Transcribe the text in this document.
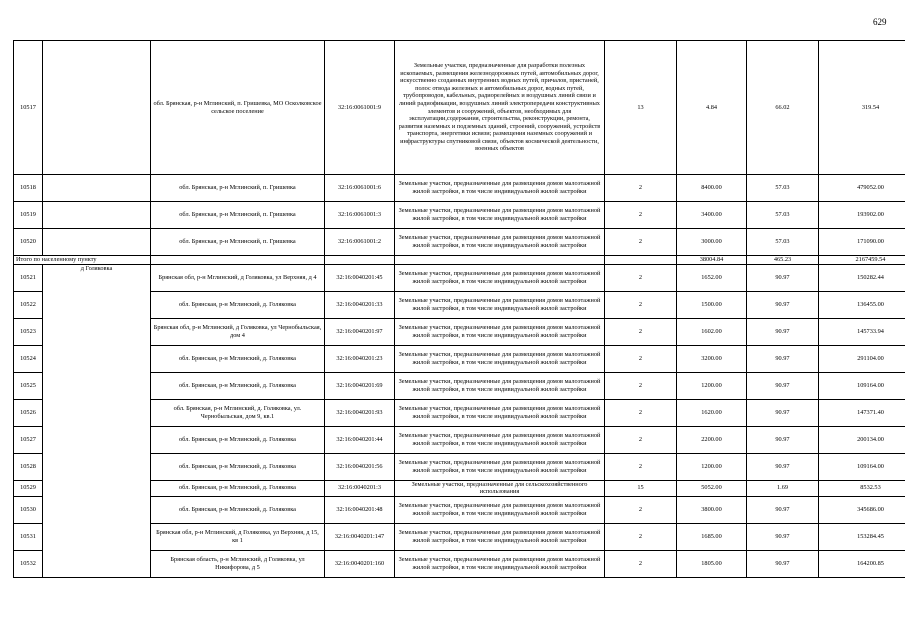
629
10517		обл. Брянская, р-н Мглинский, п. Гришевка, МО Осколковское сельское поселение	32:16:0061001:9	Земельные участки, предназначенные для разработки полезных ископаемых, размещения железнодорожных путей, автомобильных дорог, искусственно созданных внутренних водных путей, причалов, пристаней, полос отвода железных и автомобильных дорог, водных путей, трубопроводов, кабельных, радиорелейных и воздушных линий связи и линий радиофикации, воздушных линий электропередачи конструктивных элементов и сооружений, объектов, необходимых для эксплуатации,содержания, строительства, реконструкции, ремонта, развития наземных и подземных зданий, строений, сооружений, устройств транспорта, энергетики исвязи; размещения наземных сооружений и инфраструктуры спутниковой связи, объектов космической деятельности, военных объектов	13	4.84	66.02	319.54
10518		обл. Брянская, р-н Мглинский, п. Гришевка	32:16:0061001:6	Земельные участки, предназначенные для размещения домов малоэтажной жилой застройки, в том числе индивидуальной жилой застройки	2	8400.00	57.03	479052.00
10519		обл. Брянская, р-н Мглинский, п. Гришевка	32:16:0061001:3	Земельные участки, предназначенные для размещения домов малоэтажной жилой застройки, в том числе индивидуальной жилой застройки	2	3400.00	57.03	193902.00
10520		обл. Брянская, р-н Мглинский, п. Гришевка	32:16:0061001:2	Земельные участки, предназначенные для размещения домов малоэтажной жилой застройки, в том числе индивидуальной жилой застройки	2	3000.00	57.03	171090.00
Итого по населенному пункту						38004.84	465.23	2167459.54
10521	д Голяковка	Брянская обл, р-н Мглинский, д Голяковка, ул Верхняя, д 4	32:16:0040201:45	Земельные участки, предназначенные для размещения домов малоэтажной жилой застройки, в том числе индивидуальной жилой застройки	2	1652.00	90.97	150282.44
10522		обл. Брянская, р-н Мглинский, д. Голяковка	32:16:0040201:33	Земельные участки, предназначенные для размещения домов малоэтажной жилой застройки, в том числе индивидуальной жилой застройки	2	1500.00	90.97	136455.00
10523		Брянская обл, р-н Мглинский, д Голяковка, ул Чернобыльская, дом 4	32:16:0040201:97	Земельные участки, предназначенные для размещения домов малоэтажной жилой застройки, в том числе индивидуальной жилой застройки	2	1602.00	90.97	145733.94
10524		обл. Брянская, р-н Мглинский, д. Голяковка	32:16:0040201:23	Земельные участки, предназначенные для размещения домов малоэтажной жилой застройки, в том числе индивидуальной жилой застройки	2	3200.00	90.97	291104.00
10525		обл. Брянская, р-н Мглинский, д. Голяковка	32:16:0040201:69	Земельные участки, предназначенные для размещения домов малоэтажной жилой застройки, в том числе индивидуальной жилой застройки	2	1200.00	90.97	109164.00
10526		обл. Брянская, р-н Мглинский, д. Голяковка, ул. Чернобыльская, дом 9, кв.1	32:16:0040201:93	Земельные участки, предназначенные для размещения домов малоэтажной жилой застройки, в том числе индивидуальной жилой застройки	2	1620.00	90.97	147371.40
10527		обл. Брянская, р-н Мглинский, д. Голяковка	32:16:0040201:44	Земельные участки, предназначенные для размещения домов малоэтажной жилой застройки, в том числе индивидуальной жилой застройки	2	2200.00	90.97	200134.00
10528		обл. Брянская, р-н Мглинский, д. Голяковка	32:16:0040201:56	Земельные участки, предназначенные для размещения домов малоэтажной жилой застройки, в том числе индивидуальной жилой застройки	2	1200.00	90.97	109164.00
10529		обл. Брянская, р-н Мглинский, д. Голяковка	32:16:0040201:3	Земельные участки, предназначенные для сельскохозяйственного использования	15	5052.00	1.69	8532.53
10530		обл. Брянская, р-н Мглинский, д. Голяковка	32:16:0040201:48	Земельные участки, предназначенные для размещения домов малоэтажной жилой застройки, в том числе индивидуальной жилой застройки	2	3800.00	90.97	345686.00
10531		Брянская обл, р-н Мглинский, д Голяковка, ул Верхняя, д 15, кв 1	32:16:0040201:147	Земельные участки, предназначенные для размещения домов малоэтажной жилой застройки, в том числе индивидуальной жилой застройки	2	1685.00	90.97	153284.45
10532		Брянская область, р-н Мглинский, д Голяковка, ул Никифорова, д 5	32:16:0040201:160	Земельные участки, предназначенные для размещения домов малоэтажной жилой застройки, в том числе индивидуальной жилой застройки	2	1805.00	90.97	164200.85
